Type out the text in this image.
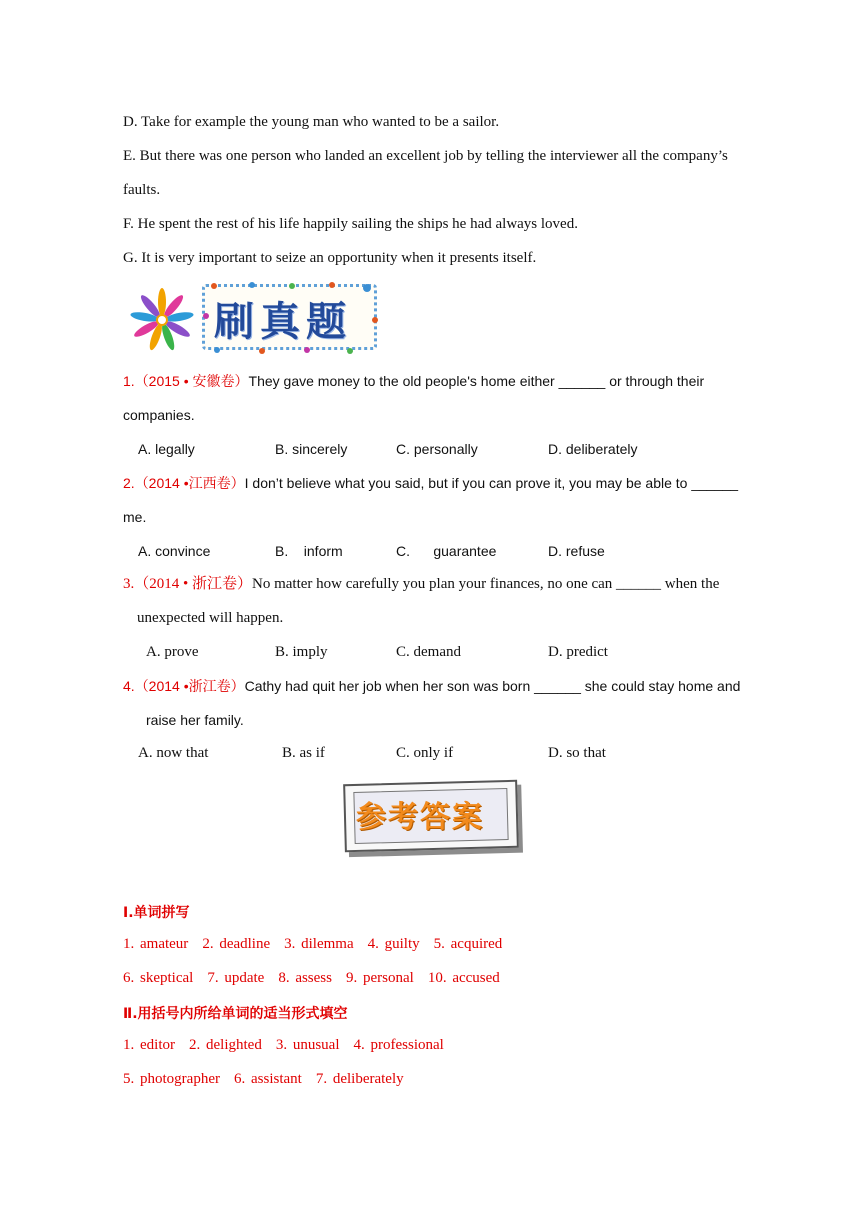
D. Take for example the young man who wanted to be a sailor.
E. But there was one person who landed an excellent job by telling the interviewer all the company’s
faults.
F. He spent the rest of his life happily sailing the ships he had always loved.
G. It is very important to seize an opportunity when it presents itself.
刷真题
1.（2015 • 安徽卷）They gave money to the old people's home either ______ or through their
companies.
A. legally	B. sincerely	C. personally	D. deliberately
2.（2014 •江西卷）I don’t believe what you said, but if you can prove it, you may be able to ______
me.
A. convince	B.    inform	C.      guarantee	D. refuse
3.（2014 • 浙江卷）No matter how carefully you plan your finances, no one can ______ when the
unexpected will happen.
A. prove	B. imply	C. demand	D. predict
4.（2014 •浙江卷）Cathy had quit her job when her son was born ______ she could stay home and
raise her family.
A. now that	B. as if	C. only if	D. so that
参考答案
Ⅰ.单词拼写
1. amateur 2. deadline 3. dilemma 4. guilty 5. acquired
6. skeptical 7. update 8. assess 9. personal 10. accused
Ⅱ.用括号内所给单词的适当形式填空
1. editor 2. delighted 3. unusual 4. professional
5. photographer 6. assistant 7. deliberately
